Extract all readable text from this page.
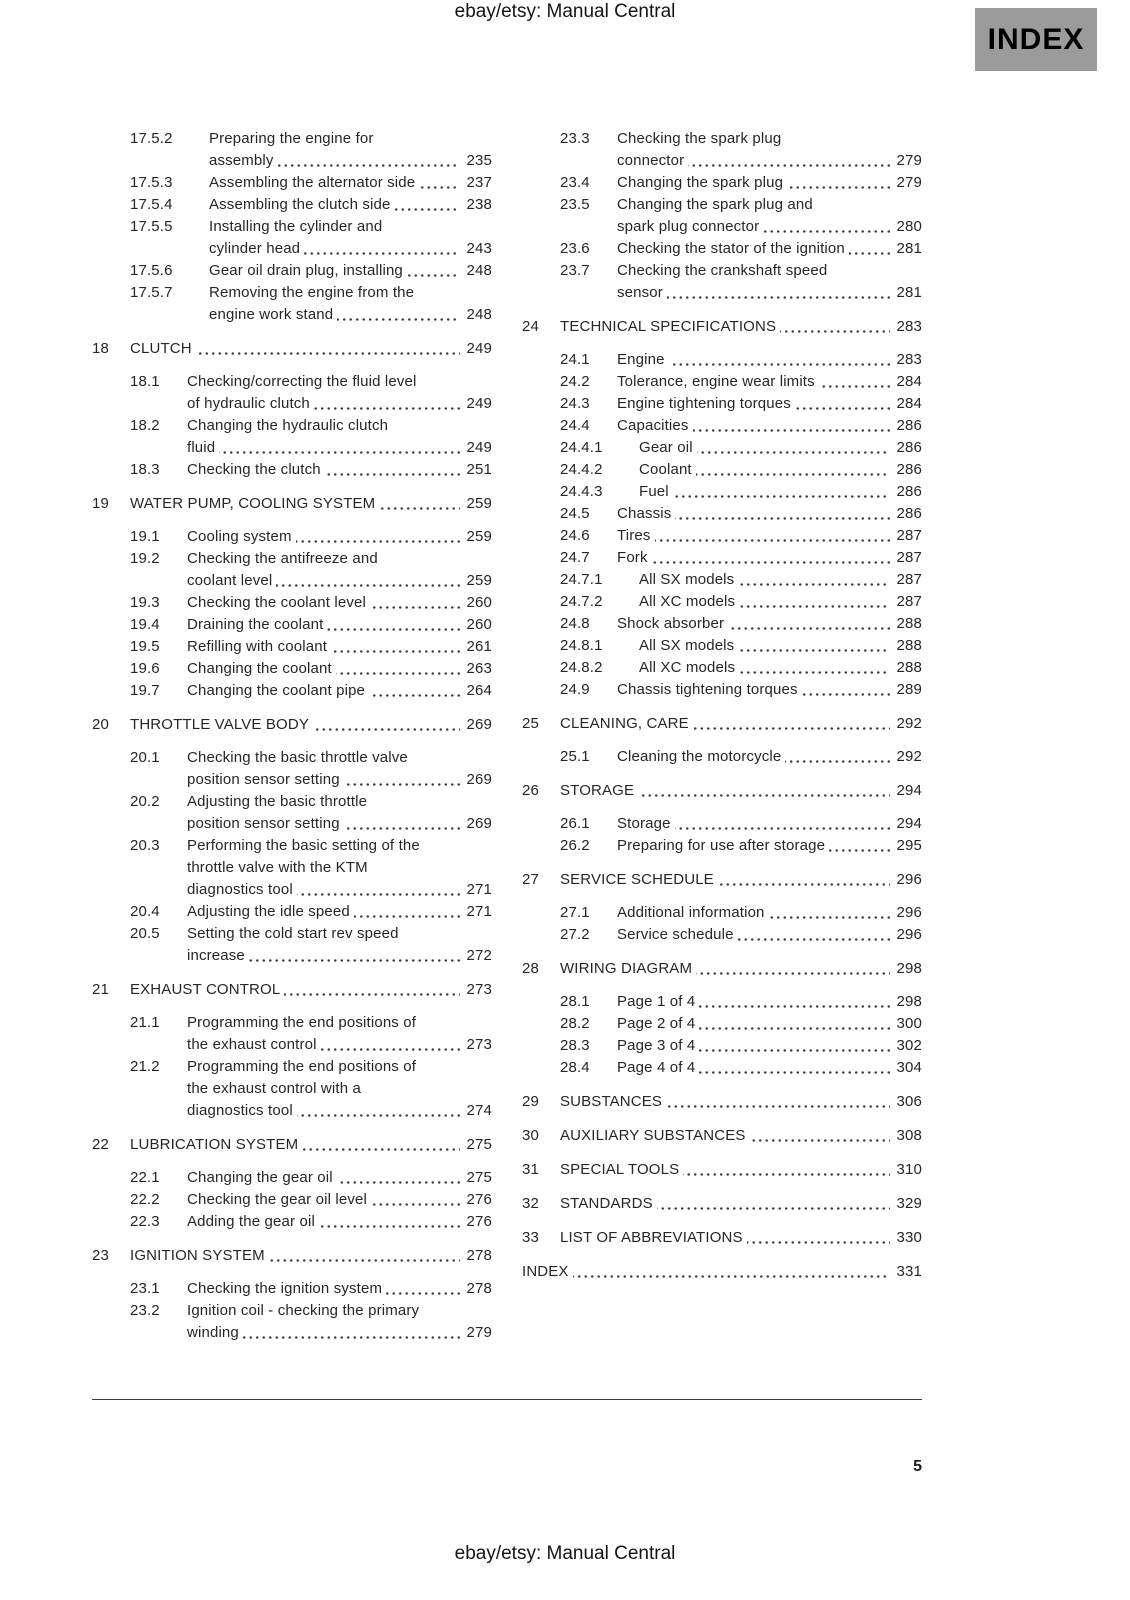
ebay/etsy: Manual Central
INDEX
17.5.2	Preparing the engine for assembly	235
17.5.3	Assembling the alternator side	237
17.5.4	Assembling the clutch side	238
17.5.5	Installing the cylinder and cylinder head	243
17.5.6	Gear oil drain plug, installing	248
17.5.7	Removing the engine from the engine work stand	248
18	CLUTCH	249
18.1	Checking/correcting the fluid level of hydraulic clutch	249
18.2	Changing the hydraulic clutch fluid	249
18.3	Checking the clutch	251
19	WATER PUMP, COOLING SYSTEM	259
19.1	Cooling system	259
19.2	Checking the antifreeze and coolant level	259
19.3	Checking the coolant level	260
19.4	Draining the coolant	260
19.5	Refilling with coolant	261
19.6	Changing the coolant	263
19.7	Changing the coolant pipe	264
20	THROTTLE VALVE BODY	269
20.1	Checking the basic throttle valve position sensor setting	269
20.2	Adjusting the basic throttle position sensor setting	269
20.3	Performing the basic setting of the throttle valve with the KTM diagnostics tool	271
20.4	Adjusting the idle speed	271
20.5	Setting the cold start rev speed increase	272
21	EXHAUST CONTROL	273
21.1	Programming the end positions of the exhaust control	273
21.2	Programming the end positions of the exhaust control with a diagnostics tool	274
22	LUBRICATION SYSTEM	275
22.1	Changing the gear oil	275
22.2	Checking the gear oil level	276
22.3	Adding the gear oil	276
23	IGNITION SYSTEM	278
23.1	Checking the ignition system	278
23.2	Ignition coil - checking the primary winding	279
23.3	Checking the spark plug connector	279
23.4	Changing the spark plug	279
23.5	Changing the spark plug and spark plug connector	280
23.6	Checking the stator of the ignition	281
23.7	Checking the crankshaft speed sensor	281
24	TECHNICAL SPECIFICATIONS	283
24.1	Engine	283
24.2	Tolerance, engine wear limits	284
24.3	Engine tightening torques	284
24.4	Capacities	286
24.4.1	Gear oil	286
24.4.2	Coolant	286
24.4.3	Fuel	286
24.5	Chassis	286
24.6	Tires	287
24.7	Fork	287
24.7.1	All SX models	287
24.7.2	All XC models	287
24.8	Shock absorber	288
24.8.1	All SX models	288
24.8.2	All XC models	288
24.9	Chassis tightening torques	289
25	CLEANING, CARE	292
25.1	Cleaning the motorcycle	292
26	STORAGE	294
26.1	Storage	294
26.2	Preparing for use after storage	295
27	SERVICE SCHEDULE	296
27.1	Additional information	296
27.2	Service schedule	296
28	WIRING DIAGRAM	298
28.1	Page 1 of 4	298
28.2	Page 2 of 4	300
28.3	Page 3 of 4	302
28.4	Page 4 of 4	304
29	SUBSTANCES	306
30	AUXILIARY SUBSTANCES	308
31	SPECIAL TOOLS	310
32	STANDARDS	329
33	LIST OF ABBREVIATIONS	330
INDEX	331
5
ebay/etsy: Manual Central
